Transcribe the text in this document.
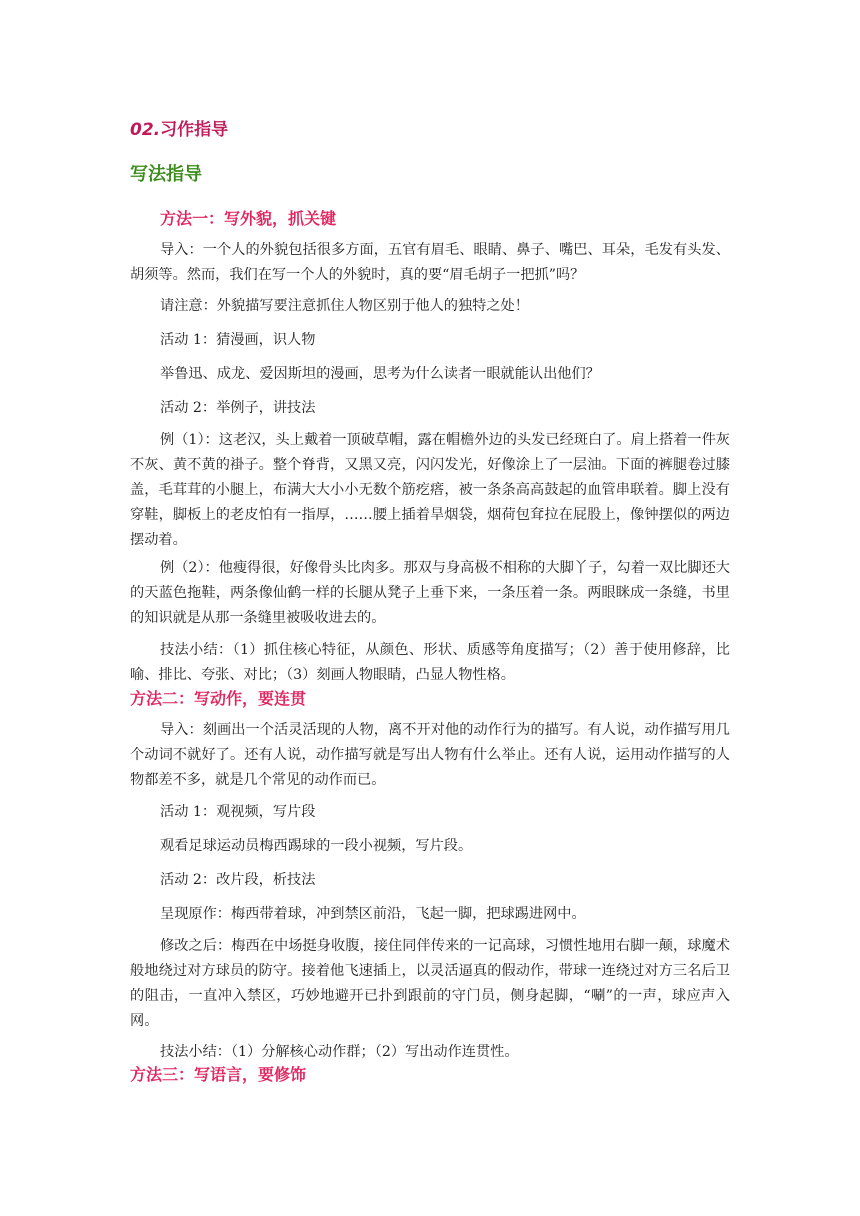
02.习作指导
写法指导
方法一：写外貌，抓关键

导入：一个人的外貌包括很多方面，五官有眉毛、眼睛、鼻子、嘴巴、耳朵，毛发有头发、胡须等。然而，我们在写一个人的外貌时，真的要“眉毛胡子一把抓”吗？

请注意：外貌描写要注意抓住人物区别于他人的独特之处！

活动 1：猜漫画，识人物

举鲁迅、成龙、爱因斯坦的漫画，思考为什么读者一眼就能认出他们？

活动 2：举例子，讲技法

例（1）：这老汉，头上戴着一顶破草帽，露在帽檐外边的头发已经斑白了。肩上搭着一件灰不灰、黄不黄的褂子。整个脊背，又黑又亮，闪闪发光，好像涂上了一层油。下面的裤腿卷过膝盖，毛茸茸的小腿上，布满大大小小无数个筋疙瘩，被一条条高高鼓起的血管串联着。脚上没有穿鞋，脚板上的老皮怕有一指厚，……腰上插着旱烟袋，烟荷包耷拉在屁股上，像钟摆似的两边摆动着。

例（2）：他瘦得很，好像骨头比肉多。那双与身高极不相称的大脚丫子，勾着一双比脚还大的天蓝色拖鞋，两条像仙鹤一样的长腿从凳子上垂下来，一条压着一条。两眼眯成一条缝，书里的知识就是从那一条缝里被吸收进去的。

技法小结：（1）抓住核心特征，从颜色、形状、质感等角度描写；（2）善于使用修辞，比喻、排比、夸张、对比；（3）刻画人物眼睛，凸显人物性格。

方法二：写动作，要连贯

导入：刻画出一个活灵活现的人物，离不开对他的动作行为的描写。有人说，动作描写用几个动词不就好了。还有人说，动作描写就是写出人物有什么举止。还有人说，运用动作描写的人物都差不多，就是几个常见的动作而已。

活动 1：观视频，写片段

观看足球运动员梅西踢球的一段小视频，写片段。

活动 2：改片段，析技法

呈现原作：梅西带着球，冲到禁区前沿，飞起一脚，把球踢进网中。

修改之后：梅西在中场挺身收腹，接住同伴传来的一记高球，习惯性地用右脚一颠，球魔术般地绕过对方球员的防守。接着他飞速插上，以灵活逼真的假动作，带球一连绕过对方三名后卫的阻击，一直冲入禁区，巧妙地避开已扑到跟前的守门员，侧身起脚，“唰”的一声，球应声入网。

技法小结：（1）分解核心动作群；（2）写出动作连贯性。

方法三：写语言，要修饰
